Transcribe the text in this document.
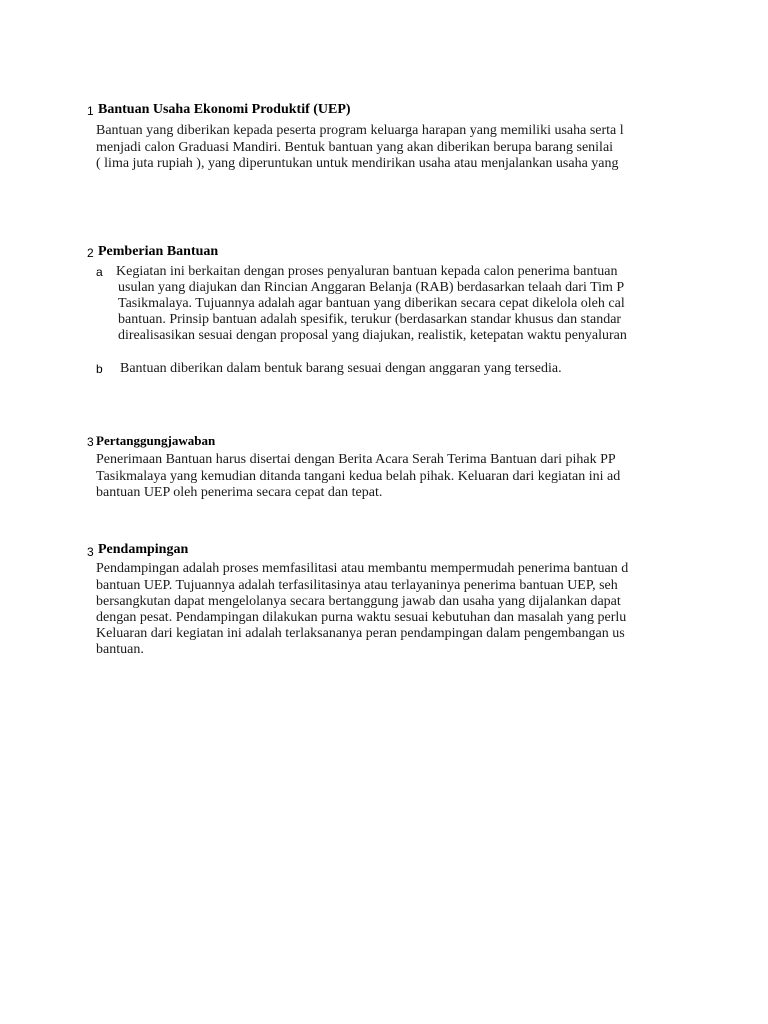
1 Bantuan Usaha Ekonomi Produktif (UEP)
Bantuan yang diberikan kepada peserta program keluarga harapan yang memiliki usaha serta l
menjadi calon Graduasi Mandiri. Bentuk bantuan yang akan diberikan berupa barang senilai
( lima juta rupiah ), yang diperuntukan untuk mendirikan usaha atau menjalankan usaha yang
2 Pemberian Bantuan
a Kegiatan ini berkaitan dengan proses penyaluran bantuan kepada calon penerima bantuan
usulan yang diajukan dan Rincian Anggaran Belanja (RAB) berdasarkan telaah dari Tim P
Tasikmalaya. Tujuannya adalah agar bantuan yang diberikan secara cepat dikelola oleh cal
bantuan. Prinsip bantuan adalah spesifik, terukur (berdasarkan standar khusus dan standar
direalisasikan sesuai dengan proposal yang diajukan, realistik, ketepatan waktu penyaluran
b Bantuan diberikan dalam bentuk barang sesuai dengan anggaran yang tersedia.
3 Pertanggungjawaban
Penerimaan Bantuan harus disertai dengan Berita Acara Serah Terima Bantuan dari pihak PP
Tasikmalaya yang kemudian ditanda tangani kedua belah pihak. Keluaran dari kegiatan ini ad
bantuan UEP oleh penerima secara cepat dan tepat.
3 Pendampingan
Pendampingan adalah proses memfasilitasi atau membantu mempermudah penerima bantuan d
bantuan UEP. Tujuannya adalah terfasilitasinya atau terlayaninya penerima bantuan UEP, seh
bersangkutan dapat mengelolanya secara bertanggung jawab dan usaha yang dijalankan dapat
dengan pesat. Pendampingan dilakukan purna waktu sesuai kebutuhan dan masalah yang perlu
Keluaran dari kegiatan ini adalah terlaksananya peran pendampingan dalam pengembangan us
bantuan.
